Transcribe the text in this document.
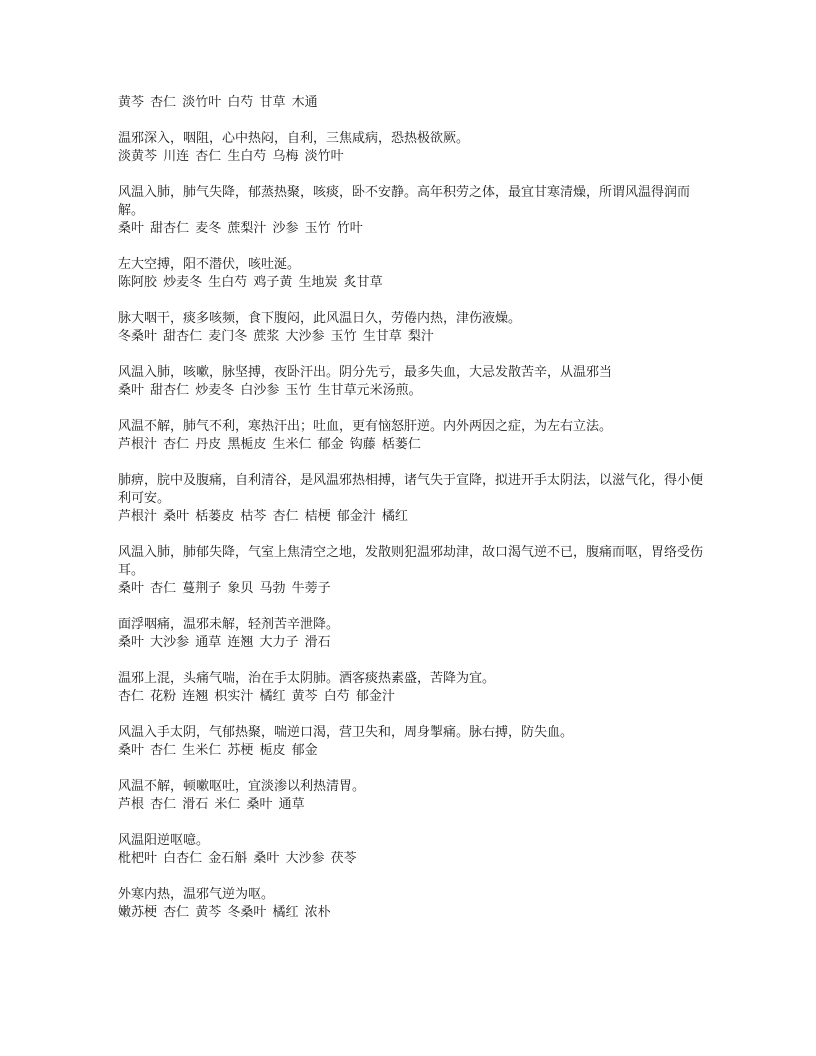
黄芩 杏仁 淡竹叶 白芍 甘草 木通

温邪深入，咽阻，心中热闷，自利，三焦咸病，恐热极欲厥。

淡黄芩 川连 杏仁 生白芍 乌梅 淡竹叶

风温入肺，肺气失降，郁蒸热聚，咳痰，卧不安静。高年积劳之体，最宜甘寒清燥，所谓风温得润而解。

桑叶 甜杏仁 麦冬 蔗梨汁 沙参 玉竹 竹叶

左大空搏，阳不潜伏，咳吐涎。

陈阿胶 炒麦冬 生白芍 鸡子黄 生地炭 炙甘草

脉大咽干，痰多咳频，食下腹闷，此风温日久，劳倦内热，津伤液燥。

冬桑叶 甜杏仁 麦门冬 蔗浆 大沙参 玉竹 生甘草 梨汁

风温入肺，咳嗽，脉坚搏，夜卧汗出。阴分先亏，最多失血，大忌发散苦辛，从温邪当

桑叶 甜杏仁 炒麦冬 白沙参 玉竹 生甘草元米汤煎。

风温不解，肺气不利，寒热汗出；吐血，更有恼怒肝逆。内外两因之症，为左右立法。

芦根汁 杏仁 丹皮 黑栀皮 生米仁 郁金 钩藤 栝蒌仁

肺痹，脘中及腹痛，自利清谷，是风温邪热相搏，诸气失于宣降，拟进开手太阴法，以滋气化，得小便利可安。

芦根汁 桑叶 栝蒌皮 枯芩 杏仁 桔梗 郁金汁 橘红

风温入肺，肺郁失降，气室上焦清空之地，发散则犯温邪劫津，故口渴气逆不已，腹痛而呕，胃络受伤耳。

桑叶 杏仁 蔓荆子 象贝 马勃 牛蒡子

面浮咽痛，温邪未解，轻剂苦辛泄降。

桑叶 大沙参 通草 连翘 大力子 滑石

温邪上混，头痛气喘，治在手太阴肺。酒客痰热素盛，苦降为宜。

杏仁 花粉 连翘 枳实汁 橘红 黄芩 白芍 郁金汁

风温入手太阴，气郁热聚，喘逆口渴，营卫失和，周身掣痛。脉右搏，防失血。

桑叶 杏仁 生米仁 苏梗 栀皮 郁金

风温不解，顿嗽呕吐，宜淡渗以利热清胃。

芦根 杏仁 滑石 米仁 桑叶 通草

风温阳逆呕噫。

枇杷叶 白杏仁 金石斛 桑叶 大沙参 茯苓

外寒内热，温邪气逆为呕。

嫩苏梗 杏仁 黄芩 冬桑叶 橘红 浓朴
